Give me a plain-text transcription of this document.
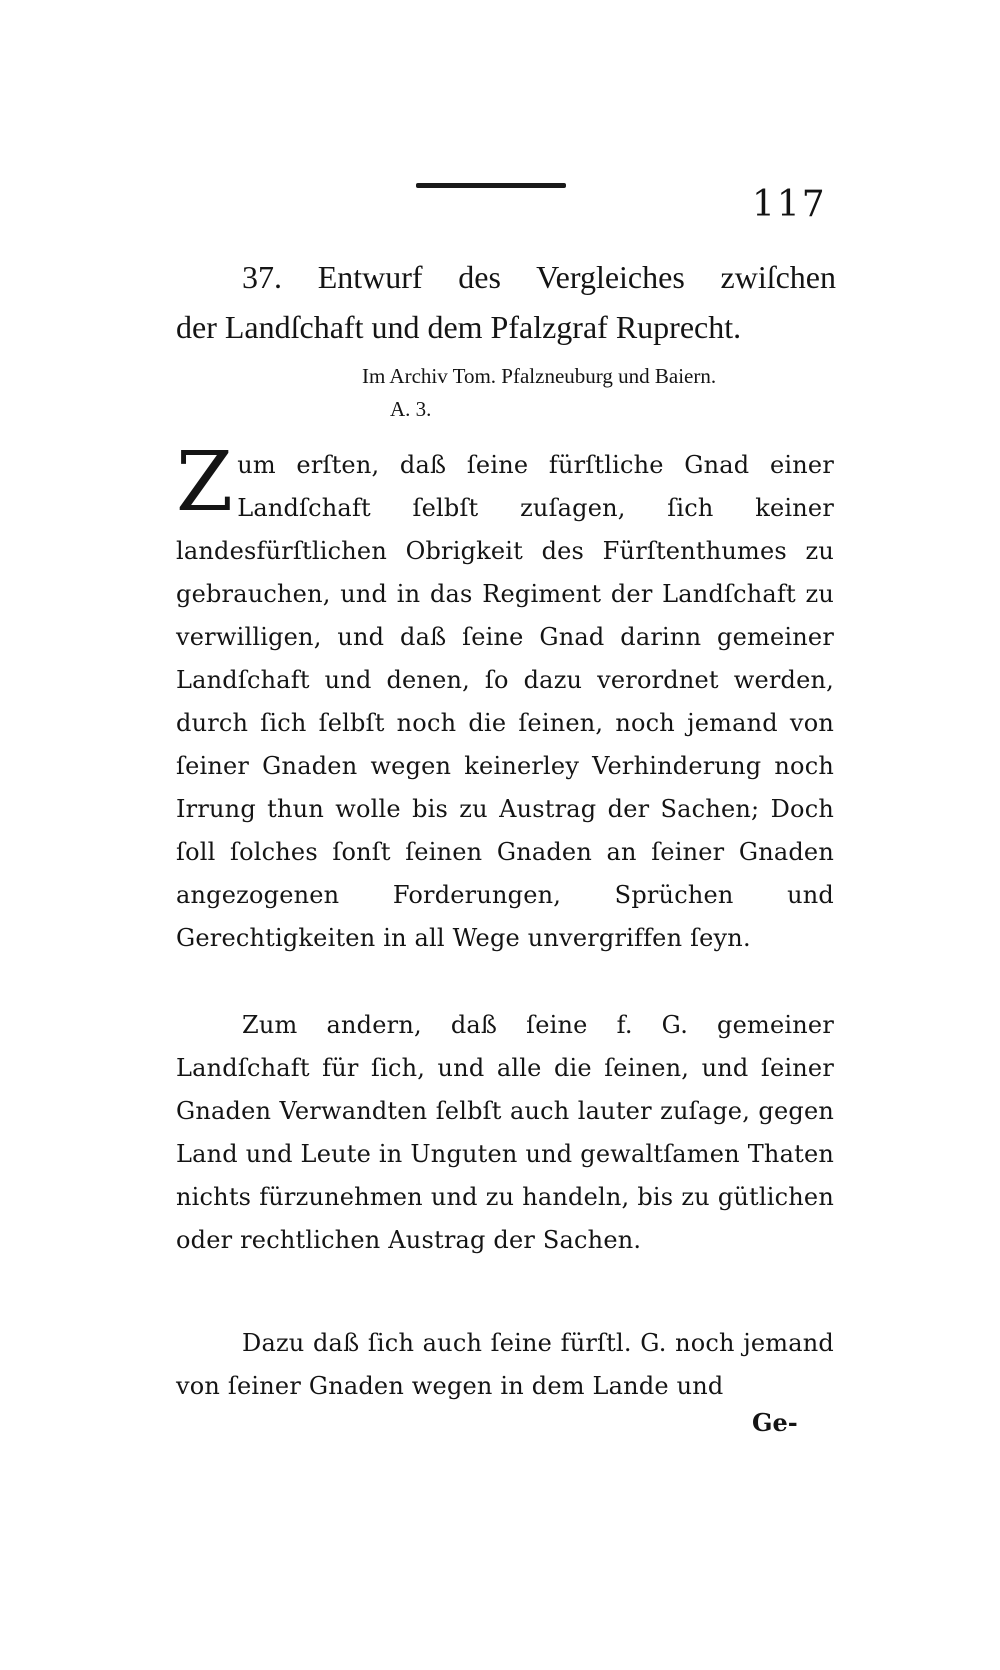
117
37. Entwurf des Vergleiches zwiſchen
der Landſchaft und dem Pfalzgraf Ruprecht.
Im Archiv Tom. Pfalzneuburg und Baiern.
A. 3.
Z um erſten, daß ſeine fürſtliche Gnad einer Landſchaft ſelbſt zuſagen, ſich keiner landesfürſtlichen Obrigkeit des Fürſtenthumes zu gebrauchen, und in das Regiment der Landſchaft zu verwilligen, und daß ſeine Gnad darinn gemeiner Landſchaft und denen, ſo dazu verordnet werden, durch ſich ſelbſt noch die ſeinen, noch jemand von ſeiner Gnaden wegen keinerley Verhinderung noch Irrung thun wolle bis zu Austrag der Sachen; Doch ſoll ſolches ſonſt ſeinen Gnaden an ſeiner Gnaden angezogenen Forderungen, Sprüchen und Gerechtigkeiten in all Wege unvergriffen ſeyn.
Zum andern, daß ſeine f. G. gemeiner Landſchaft für ſich, und alle die ſeinen, und ſeiner Gnaden Verwandten ſelbſt auch lauter zuſage, gegen Land und Leute in Unguten und gewaltſamen Thaten nichts fürzunehmen und zu handeln, bis zu gütlichen oder rechtlichen Austrag der Sachen.
Dazu daß ſich auch ſeine fürſtl. G. noch jemand von ſeiner Gnaden wegen in dem Lande und
Ge-
